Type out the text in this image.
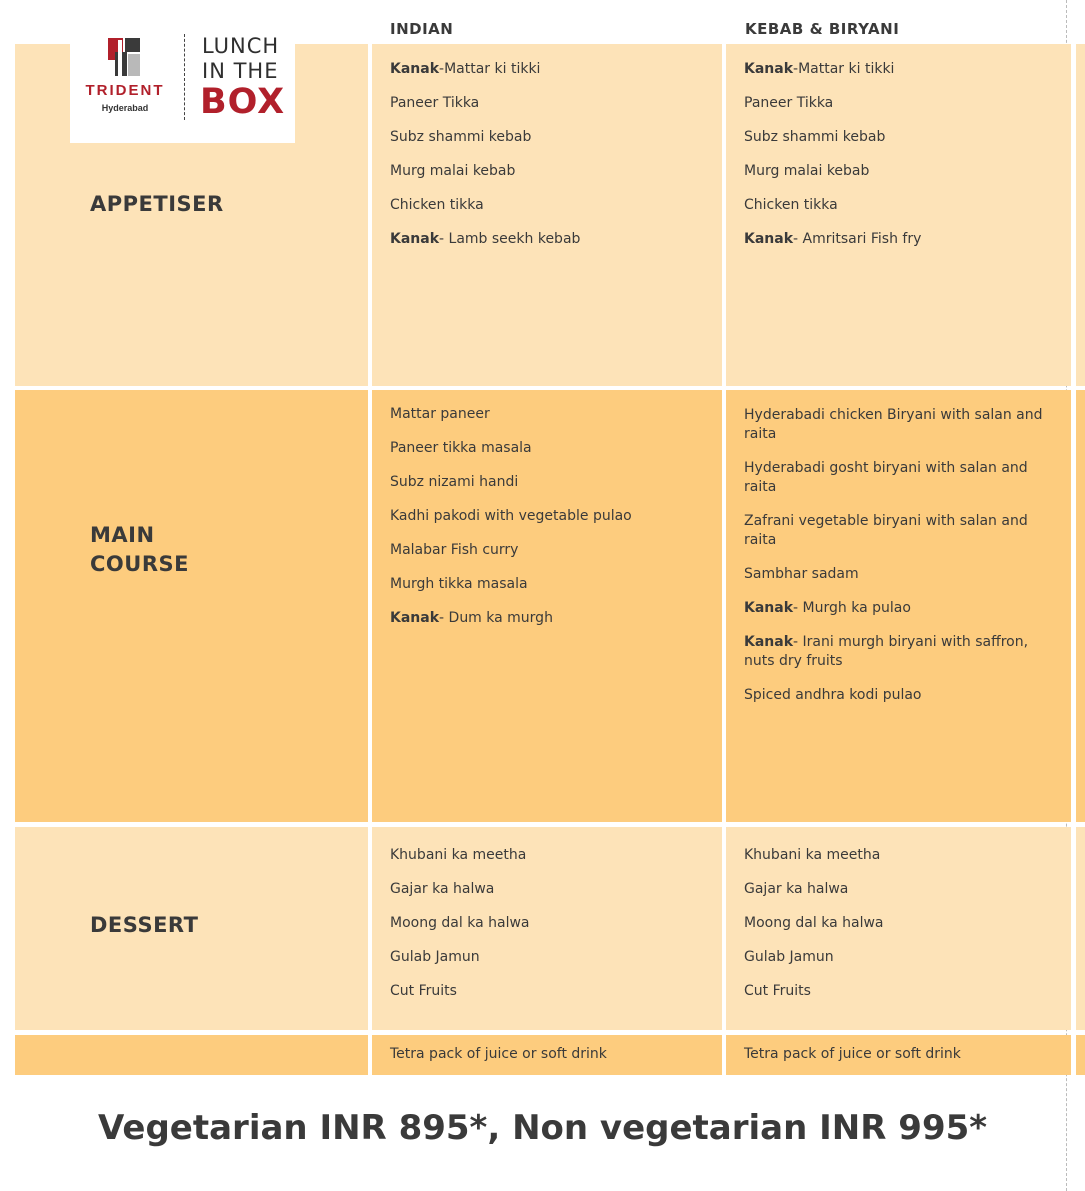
TRIDENT
Hyderabad
LUNCH
IN THE
BOX
INDIAN	KEBAB & BIRYANI
APPETISER
Kanak-Mattar ki tikki
Paneer Tikka
Subz shammi kebab
Murg malai kebab
Chicken tikka
Kanak- Lamb seekh kebab
Kanak-Mattar ki tikki
Paneer Tikka
Subz shammi kebab
Murg malai kebab
Chicken tikka
Kanak- Amritsari Fish fry
MAIN
COURSE
Mattar paneer
Paneer tikka masala
Subz nizami handi
Kadhi pakodi with vegetable pulao
Malabar Fish curry
Murgh tikka masala
Kanak- Dum ka murgh
Hyderabadi chicken Biryani with salan and raita
Hyderabadi gosht biryani with salan and raita
Zafrani vegetable biryani with salan and raita
Sambhar sadam
Kanak- Murgh ka pulao
Kanak- Irani murgh biryani with saffron, nuts dry fruits
Spiced andhra kodi pulao
DESSERT
Khubani ka meetha
Gajar ka halwa
Moong dal ka halwa
Gulab Jamun
Cut Fruits
Khubani ka meetha
Gajar ka halwa
Moong dal ka halwa
Gulab Jamun
Cut Fruits
Tetra pack of juice or soft drink	Tetra pack of juice or soft drink
Vegetarian INR 895*, Non vegetarian INR 995*
